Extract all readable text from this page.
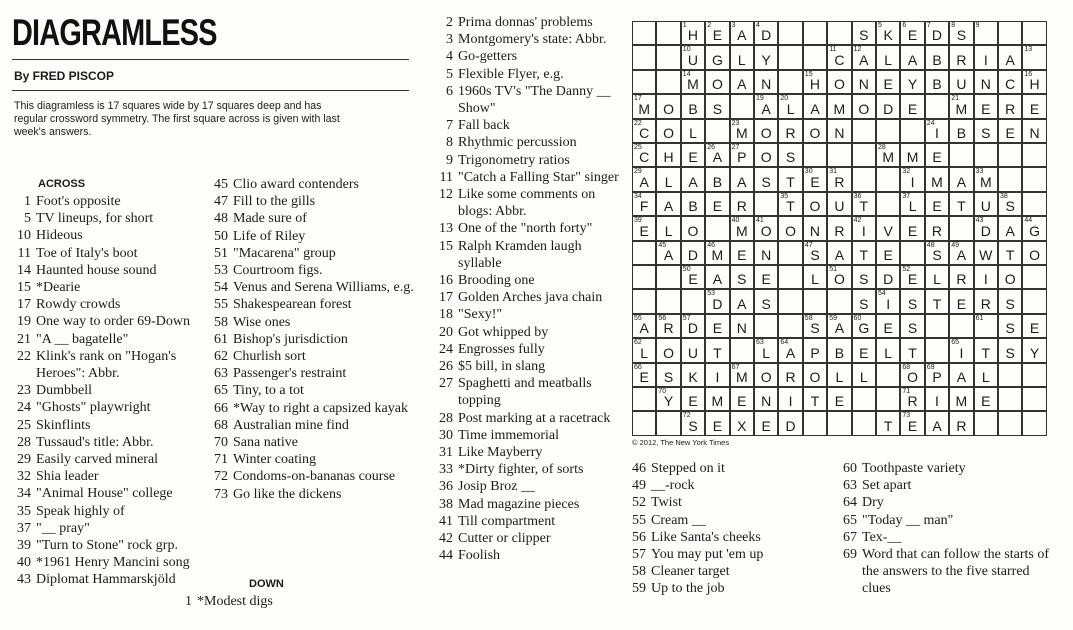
DIAGRAMLESS
By FRED PISCOP
This diagramless is 17 squares wide by 17 squares deep and has regular crossword symmetry. The first square across is given with last week's answers.
ACROSS
1 Foot's opposite
5 TV lineups, for short
10 Hideous
11 Toe of Italy's boot
14 Haunted house sound
15 *Dearie
17 Rowdy crowds
19 One way to order 69-Down
21 "A __ bagatelle"
22 Klink's rank on "Hogan's Heroes": Abbr.
23 Dumbbell
24 "Ghosts" playwright
25 Skinflints
28 Tussaud's title: Abbr.
29 Easily carved mineral
32 Shia leader
34 "Animal House" college
35 Speak highly of
37 "__ pray"
39 "Turn to Stone" rock grp.
40 *1961 Henry Mancini song
43 Diplomat Hammarskjöld
45 Clio award contenders
47 Fill to the gills
48 Made sure of
50 Life of Riley
51 "Macarena" group
53 Courtroom figs.
54 Venus and Serena Williams, e.g.
55 Shakespearean forest
58 Wise ones
61 Bishop's jurisdiction
62 Churlish sort
63 Passenger's restraint
65 Tiny, to a tot
66 *Way to right a capsized kayak
68 Australian mine find
70 Sana native
71 Winter coating
72 Condoms-on-bananas course
73 Go like the dickens
DOWN
1 *Modest digs
2 Prima donnas' problems
3 Montgomery's state: Abbr.
4 Go-getters
5 Flexible Flyer, e.g.
6 1960s TV's "The Danny __ Show"
7 Fall back
8 Rhythmic percussion
9 Trigonometry ratios
11 "Catch a Falling Star" singer
12 Like some comments on blogs: Abbr.
13 One of the "north forty"
15 Ralph Kramden laugh syllable
16 Brooding one
17 Golden Arches java chain
18 "Sexy!"
20 Got whipped by
24 Engrosses fully
26 $5 bill, in slang
27 Spaghetti and meatballs topping
28 Post marking at a racetrack
30 Time immemorial
31 Like Mayberry
33 *Dirty fighter, of sorts
36 Josip Broz __
38 Mad magazine pieces
41 Till compartment
42 Cutter or clipper
44 Foolish
1
H
2
E
3
A
4
D	S
5
K
6
E
7
D
8
S
9
10
U G	L	Y
11
C
12
A	L	A	B	R	I	A
13
14
M O	A	N
15
H O N	E	Y	B	U	N	C
16
H
17
M O	B	S
19
A
20
L	A M O D	E
21
M E	R	E
22
C O	L
23
M O R O N
24
I	B	S	E	N
25
C	H	E
26
A
27
P	O	S
28
M M E
29
A	L	A	B	A	S	T
30
E
31
R
32
I	M A
33
M
34
F	A	B	E	R
35
T	O U
36
T
37
L	E	T	U
38
S
39
E	L	O
40
M
41
O O N	R
42
I	V	E	R
43
D	A
44
G
45
A	D
46
M E	N
47
S	A	T	E
48
S
49
A W T	O
50
E	A	S	E	L
51
O	S	D
52
E	L	R	I	O
53
D	A	S	S
54
I	S	T	E	R	S
55
A
56
R
57
D	E	N
58
S
59
A
60
G	E	S
61
S	E
62
L	O U	T
63
L
64
A	P	B	E	L	T
65
I	T	S	Y
66
E	S	K	I
67
M O R O	L	L
68
O
69
P	A	L
70
Y	E M E	N	I	T	E
71
R	I	M E
72
S	E	X	E	D	T
73
E	A	R
© 2012, The New York Times
46 Stepped on it
49 __-rock
52 Twist
55 Cream __
56 Like Santa's cheeks
57 You may put 'em up
58 Cleaner target
59 Up to the job
60 Toothpaste variety
63 Set apart
64 Dry
65 "Today __ man"
67 Tex-__
69 Word that can follow the starts of the answers to the five starred clues
